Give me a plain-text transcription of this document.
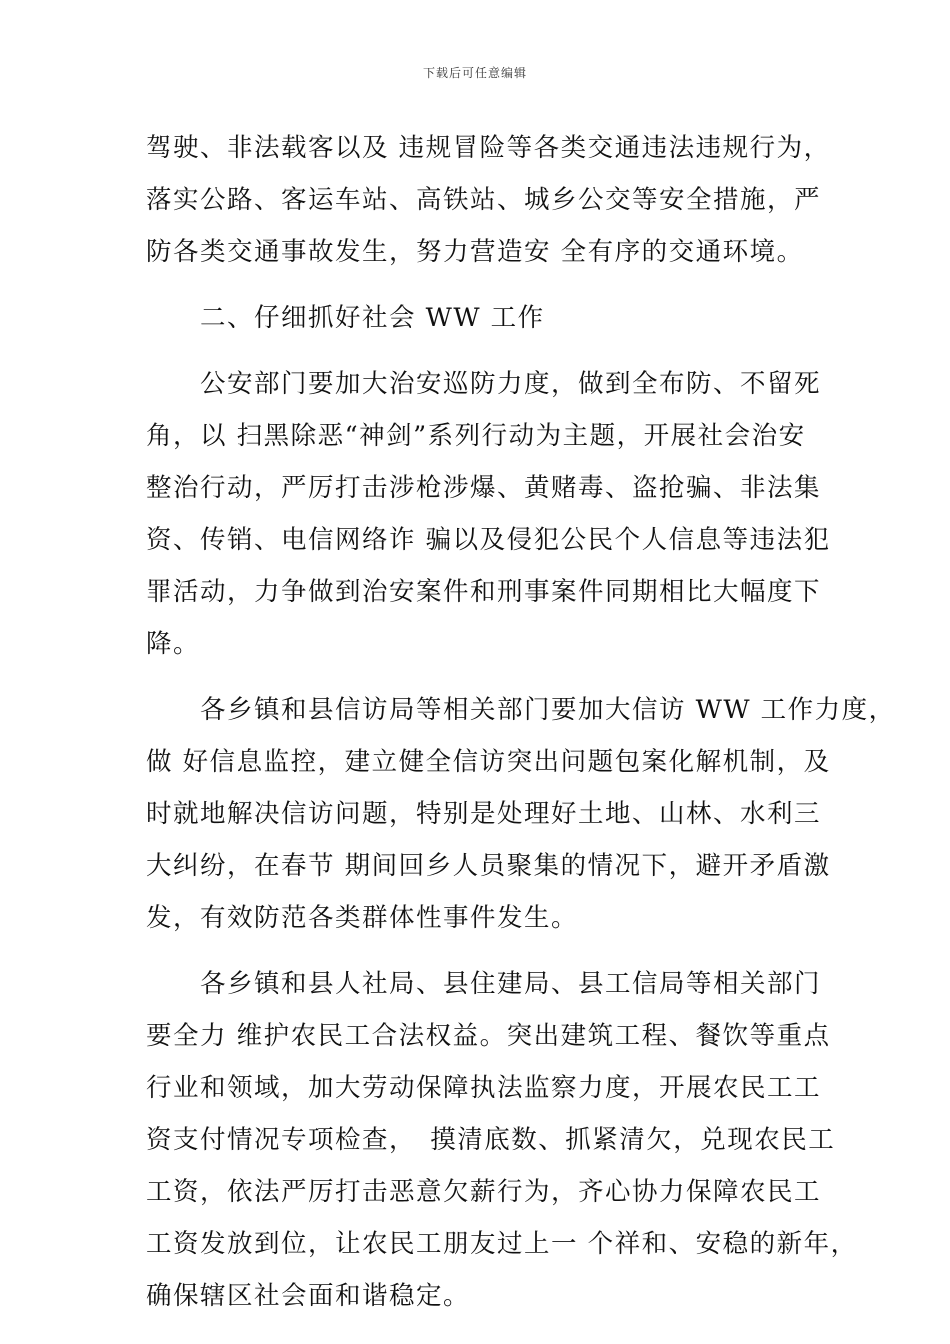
下载后可任意编辑
驾驶、非法载客以及 违规冒险等各类交通违法违规行为，
落实公路、客运车站、高铁站、城乡公交等安全措施，严
防各类交通事故发生，努力营造安 全有序的交通环境。
　　二、仔细抓好社会 WW 工作
　　公安部门要加大治安巡防力度，做到全布防、不留死
角，以 扫黑除恶“神剑”系列行动为主题，开展社会治安
整治行动，严厉打击涉枪涉爆、黄赌毒、盗抢骗、非法集
资、传销、电信网络诈 骗以及侵犯公民个人信息等违法犯
罪活动，力争做到治安案件和刑事案件同期相比大幅度下
降。
　　各乡镇和县信访局等相关部门要加大信访 WW 工作力度，
做 好信息监控，建立健全信访突出问题包案化解机制，及
时就地解决信访问题，特别是处理好土地、山林、水利三
大纠纷，在春节 期间回乡人员聚集的情况下，避开矛盾激
发，有效防范各类群体性事件发生。
　　各乡镇和县人社局、县住建局、县工信局等相关部门
要全力 维护农民工合法权益。突出建筑工程、餐饮等重点
行业和领域，加大劳动保障执法监察力度，开展农民工工
资支付情况专项检查，　摸清底数、抓紧清欠，兑现农民工
工资，依法严厉打击恶意欠薪行为，齐心协力保障农民工
工资发放到位，让农民工朋友过上一 个祥和、安稳的新年，
确保辖区社会面和谐稳定。
